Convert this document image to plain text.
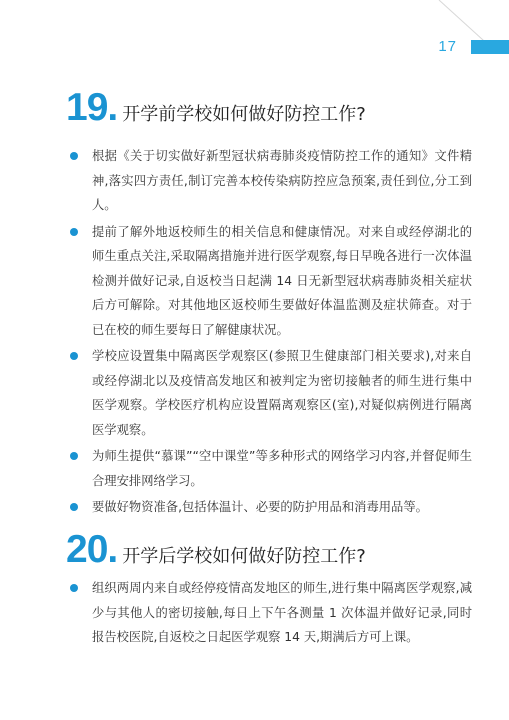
17
19 . 开学前学校如何做好防控工作?
根据《关于切实做好新型冠状病毒肺炎疫情防控工作的通知》文件精神,落实四方责任,制订完善本校传染病防控应急预案,责任到位,分工到人。
提前了解外地返校师生的相关信息和健康情况。对来自或经停湖北的师生重点关注,采取隔离措施并进行医学观察,每日早晚各进行一次体温检测并做好记录,自返校当日起满 14 日无新型冠状病毒肺炎相关症状后方可解除。对其他地区返校师生要做好体温监测及症状筛查。对于已在校的师生要每日了解健康状况。
学校应设置集中隔离医学观察区(参照卫生健康部门相关要求),对来自或经停湖北以及疫情高发地区和被判定为密切接触者的师生进行集中医学观察。学校医疗机构应设置隔离观察区(室),对疑似病例进行隔离医学观察。
为师生提供“慕课”“空中课堂”等多种形式的网络学习内容,并督促师生合理安排网络学习。
要做好物资准备,包括体温计、必要的防护用品和消毒用品等。
20 . 开学后学校如何做好防控工作?
组织两周内来自或经停疫情高发地区的师生,进行集中隔离医学观察,减少与其他人的密切接触,每日上下午各测量 1 次体温并做好记录,同时报告校医院,自返校之日起医学观察 14 天,期满后方可上课。
